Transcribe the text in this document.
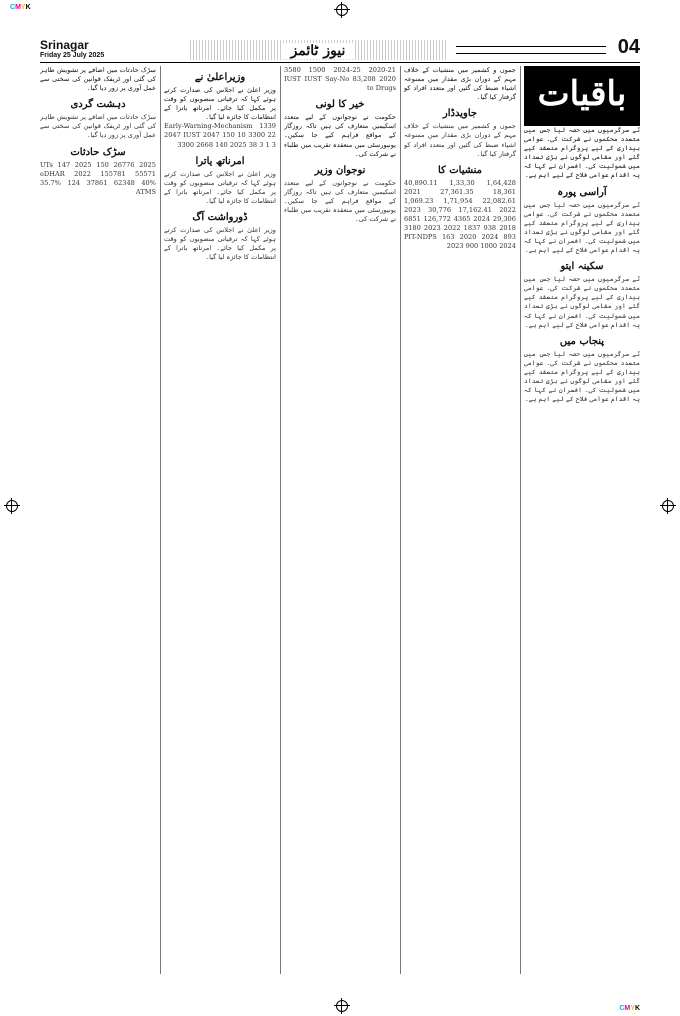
CMYK
CMYK
Srinagar
Friday 25 July 2025	نیوز ٹائمز	04
باقیات
ٹے سرگرمیوں میں حصہ لیا جس میں متعدد محکموں نے شرکت کی۔ عوامی بیداری کے لیے پروگرام منعقد کیے گئے اور مقامی لوگوں نے بڑی تعداد میں شمولیت کی۔ افسران نے کہا کہ یہ اقدام عوامی فلاح کے لیے اہم ہے۔
آراسی پورہ
ٹے سرگرمیوں میں حصہ لیا جس میں متعدد محکموں نے شرکت کی۔ عوامی بیداری کے لیے پروگرام منعقد کیے گئے اور مقامی لوگوں نے بڑی تعداد میں شمولیت کی۔ افسران نے کہا کہ یہ اقدام عوامی فلاح کے لیے اہم ہے۔
سکینہ ایتو
ٹے سرگرمیوں میں حصہ لیا جس میں متعدد محکموں نے شرکت کی۔ عوامی بیداری کے لیے پروگرام منعقد کیے گئے اور مقامی لوگوں نے بڑی تعداد میں شمولیت کی۔ افسران نے کہا کہ یہ اقدام عوامی فلاح کے لیے اہم ہے۔
پنجاب میں
ٹے سرگرمیوں میں حصہ لیا جس میں متعدد محکموں نے شرکت کی۔ عوامی بیداری کے لیے پروگرام منعقد کیے گئے اور مقامی لوگوں نے بڑی تعداد میں شمولیت کی۔ افسران نے کہا کہ یہ اقدام عوامی فلاح کے لیے اہم ہے۔
جموں و کشمیر میں منشیات کے خلاف مہم کے دوران بڑی مقدار میں ممنوعہ اشیاء ضبط کی گئیں اور متعدد افراد کو گرفتار کیا گیا۔
جاویدڈار
جموں و کشمیر میں منشیات کے خلاف مہم کے دوران بڑی مقدار میں ممنوعہ اشیاء ضبط کی گئیں اور متعدد افراد کو گرفتار کیا گیا۔
منشیات کا
1,64,428 1,33,30 40,890.11 18,361 27,361.35 2021 22,082.61 1,71,954 1,069.23 2022 17,162.41 30,776 2023 29,306 2024 4365 126,772 6851 2018 938 1837 2022 2023 3180 PIT-NDPS 163 2020 2024 893 2023 900 1000 2024
2020-21 2024-25 1500 3580 2020 83,208 IUST IUST Say-No to Drugs
خیر کا لونی
حکومت نے نوجوانوں کے لیے متعدد اسکیمیں متعارف کی ہیں تاکہ روزگار کے مواقع فراہم کیے جا سکیں۔ یونیورسٹی میں منعقدہ تقریب میں طلباء نے شرکت کی۔
نوجوان وزیر
حکومت نے نوجوانوں کے لیے متعدد اسکیمیں متعارف کی ہیں تاکہ روزگار کے مواقع فراہم کیے جا سکیں۔ یونیورسٹی میں منعقدہ تقریب میں طلباء نے شرکت کی۔
وزیراعلیٰ نے
وزیر اعلیٰ نے اجلاس کی صدارت کرتے ہوئے کہا کہ ترقیاتی منصوبوں کو وقت پر مکمل کیا جائے۔ امرناتھ یاترا کے انتظامات کا جائزہ لیا گیا۔
Early-Warning-Mechanism 1339 2047 IUST 2047 150 10 3300 22 3300 2668 140 2025 38 3 1 3
امرناتھ یاترا
وزیر اعلیٰ نے اجلاس کی صدارت کرتے ہوئے کہا کہ ترقیاتی منصوبوں کو وقت پر مکمل کیا جائے۔ امرناتھ یاترا کے انتظامات کا جائزہ لیا گیا۔
ڈورواشت آگ
وزیر اعلیٰ نے اجلاس کی صدارت کرتے ہوئے کہا کہ ترقیاتی منصوبوں کو وقت پر مکمل کیا جائے۔ امرناتھ یاترا کے انتظامات کا جائزہ لیا گیا۔
سڑک حادثات میں اضافے پر تشویش ظاہر کی گئی اور ٹریفک قوانین کی سختی سے عمل آوری پر زور دیا گیا۔
دہشت گردی
سڑک حادثات میں اضافے پر تشویش ظاہر کی گئی اور ٹریفک قوانین کی سختی سے عمل آوری پر زور دیا گیا۔
سڑک حادثات
2025 26776 150 2025 147 UTs eDHAR 2022 155781 55571 35.7% 124 37861 62348 40% ATMS
